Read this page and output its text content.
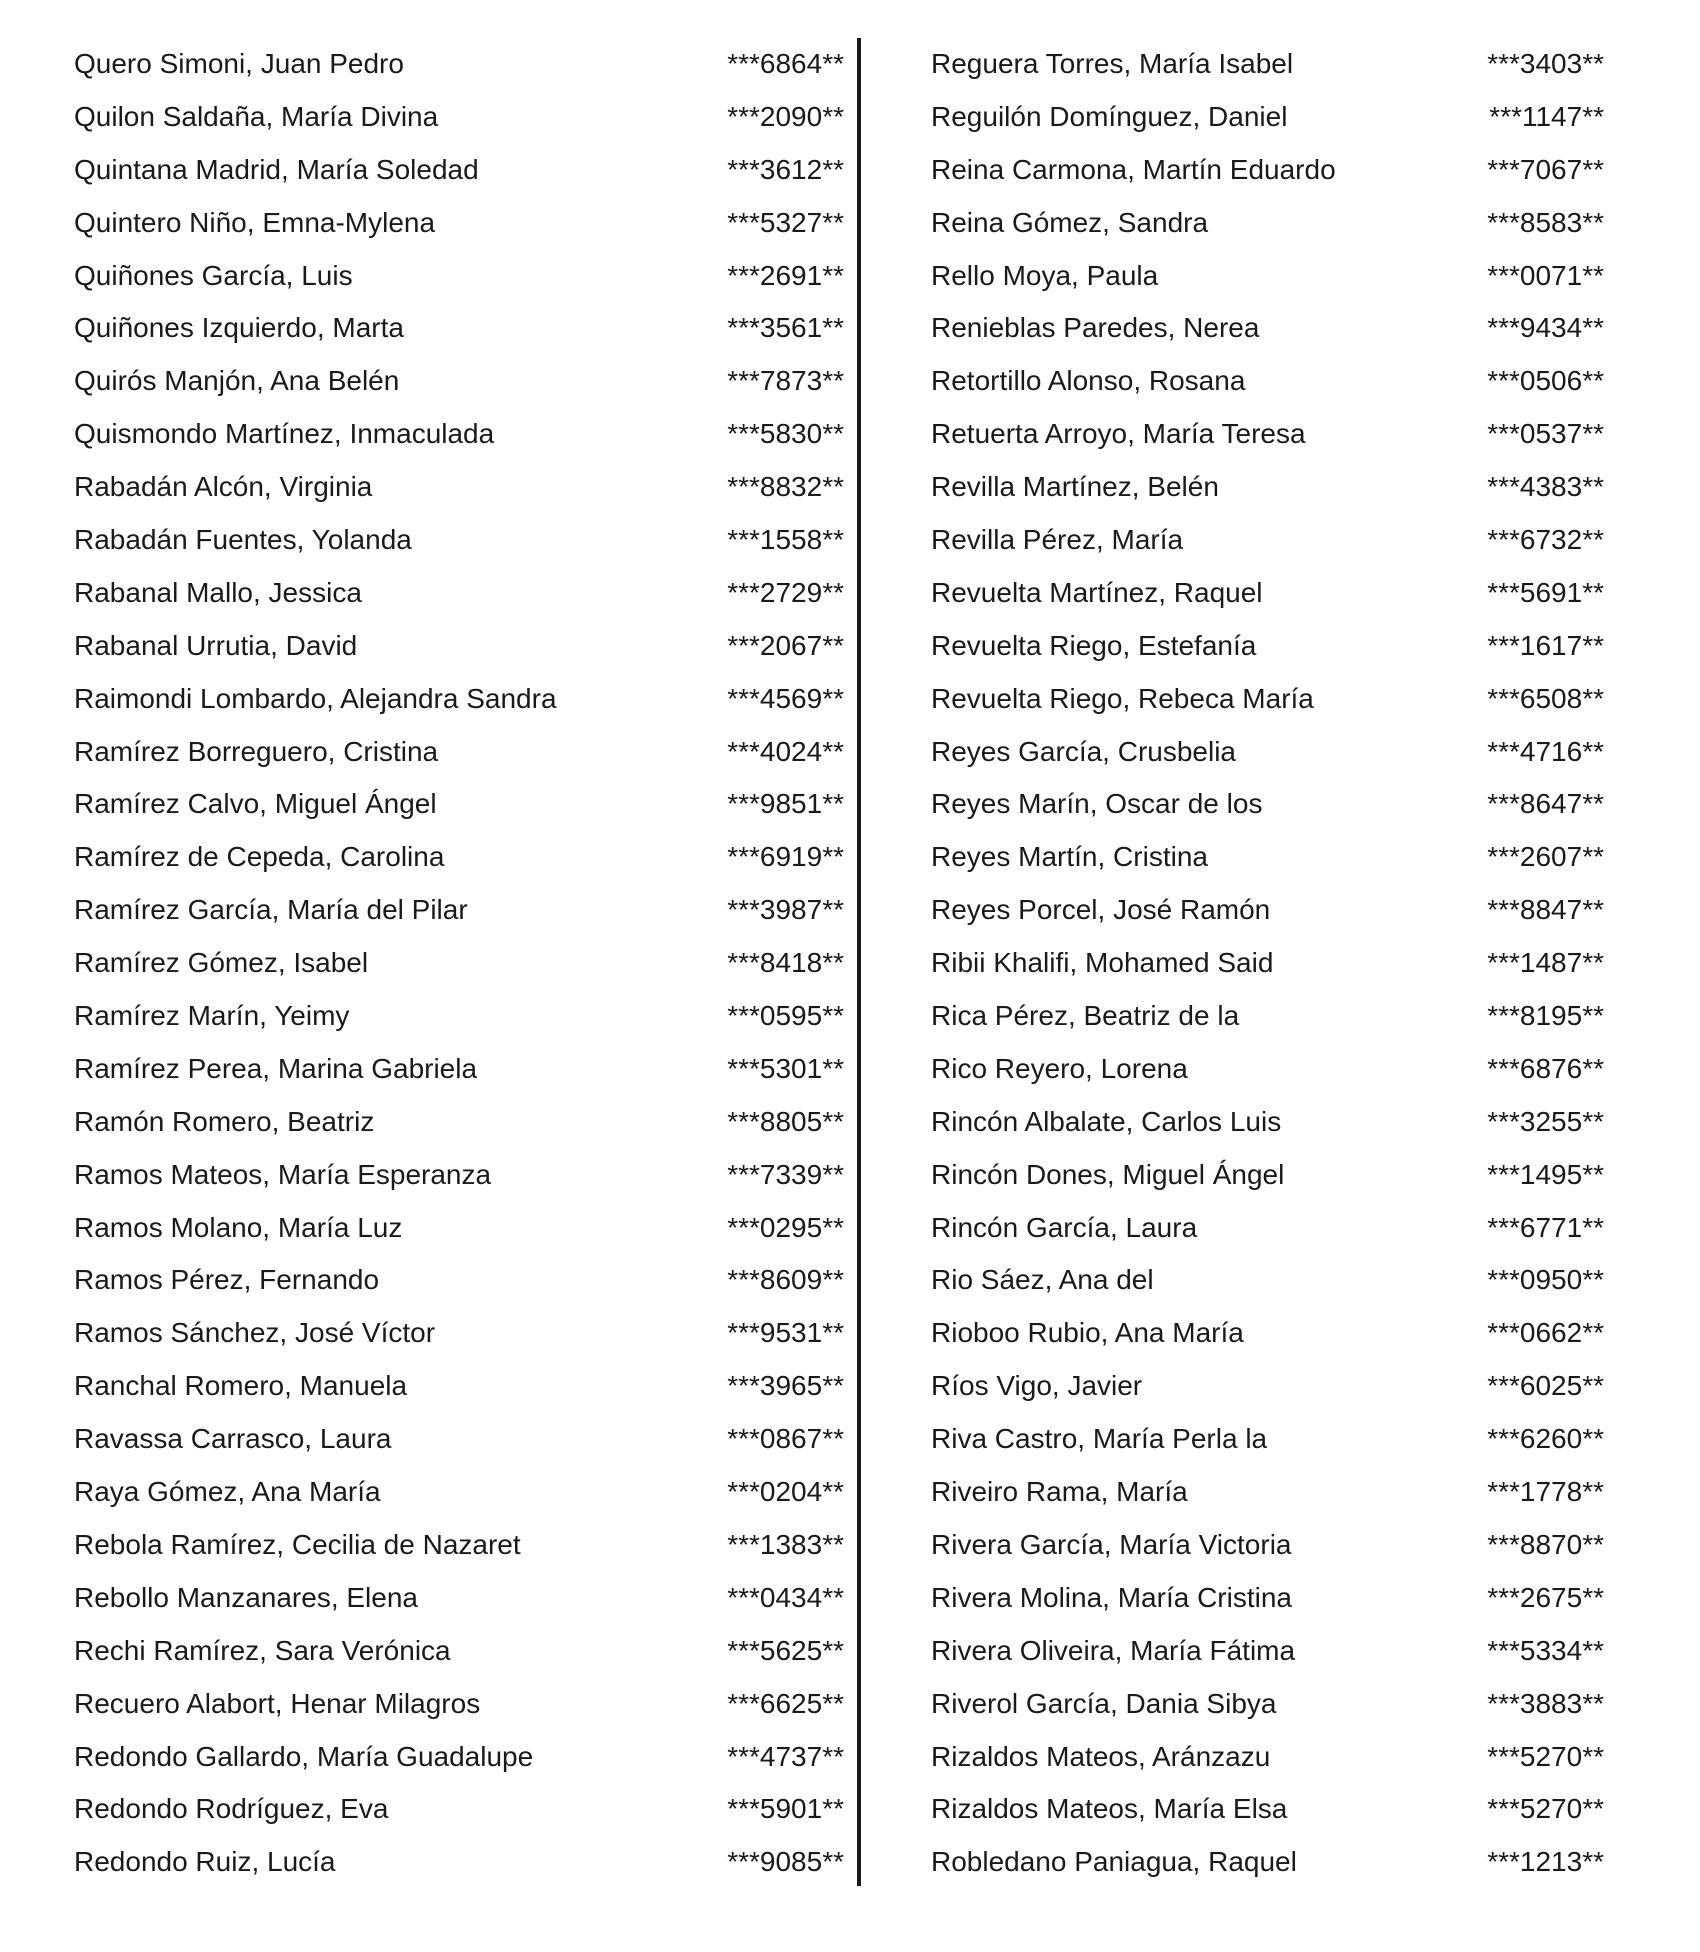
Quero Simoni, Juan Pedro	***6864**
Quilon Saldaña, María Divina	***2090**
Quintana Madrid, María Soledad	***3612**
Quintero Niño, Emna-Mylena	***5327**
Quiñones García, Luis	***2691**
Quiñones Izquierdo, Marta	***3561**
Quirós Manjón, Ana Belén	***7873**
Quismondo Martínez, Inmaculada	***5830**
Rabadán Alcón, Virginia	***8832**
Rabadán Fuentes, Yolanda	***1558**
Rabanal Mallo, Jessica	***2729**
Rabanal Urrutia, David	***2067**
Raimondi Lombardo, Alejandra Sandra	***4569**
Ramírez Borreguero, Cristina	***4024**
Ramírez Calvo, Miguel Ángel	***9851**
Ramírez de Cepeda, Carolina	***6919**
Ramírez García, María del Pilar	***3987**
Ramírez Gómez, Isabel	***8418**
Ramírez Marín, Yeimy	***0595**
Ramírez Perea, Marina Gabriela	***5301**
Ramón Romero, Beatriz	***8805**
Ramos Mateos, María Esperanza	***7339**
Ramos Molano, María Luz	***0295**
Ramos Pérez, Fernando	***8609**
Ramos Sánchez, José Víctor	***9531**
Ranchal Romero, Manuela	***3965**
Ravassa Carrasco, Laura	***0867**
Raya Gómez, Ana María	***0204**
Rebola Ramírez, Cecilia de Nazaret	***1383**
Rebollo Manzanares, Elena	***0434**
Rechi Ramírez, Sara Verónica	***5625**
Recuero Alabort, Henar Milagros	***6625**
Redondo Gallardo, María Guadalupe	***4737**
Redondo Rodríguez, Eva	***5901**
Redondo Ruiz, Lucía	***9085**
Reguera Torres, María Isabel	***3403**
Reguilón Domínguez, Daniel	***1147**
Reina Carmona, Martín Eduardo	***7067**
Reina Gómez, Sandra	***8583**
Rello Moya, Paula	***0071**
Renieblas Paredes, Nerea	***9434**
Retortillo Alonso, Rosana	***0506**
Retuerta Arroyo, María Teresa	***0537**
Revilla Martínez, Belén	***4383**
Revilla Pérez, María	***6732**
Revuelta Martínez, Raquel	***5691**
Revuelta Riego, Estefanía	***1617**
Revuelta Riego, Rebeca María	***6508**
Reyes García, Crusbelia	***4716**
Reyes Marín, Oscar de los	***8647**
Reyes Martín, Cristina	***2607**
Reyes Porcel, José Ramón	***8847**
Ribii Khalifi, Mohamed Said	***1487**
Rica Pérez, Beatriz de la	***8195**
Rico Reyero, Lorena	***6876**
Rincón Albalate, Carlos Luis	***3255**
Rincón Dones, Miguel Ángel	***1495**
Rincón García, Laura	***6771**
Rio Sáez, Ana del	***0950**
Rioboo Rubio, Ana María	***0662**
Ríos Vigo, Javier	***6025**
Riva Castro, María Perla la	***6260**
Riveiro Rama, María	***1778**
Rivera García, María Victoria	***8870**
Rivera Molina, María Cristina	***2675**
Rivera Oliveira, María Fátima	***5334**
Riverol García, Dania Sibya	***3883**
Rizaldos Mateos, Aránzazu	***5270**
Rizaldos Mateos, María Elsa	***5270**
Robledano Paniagua, Raquel	***1213**
